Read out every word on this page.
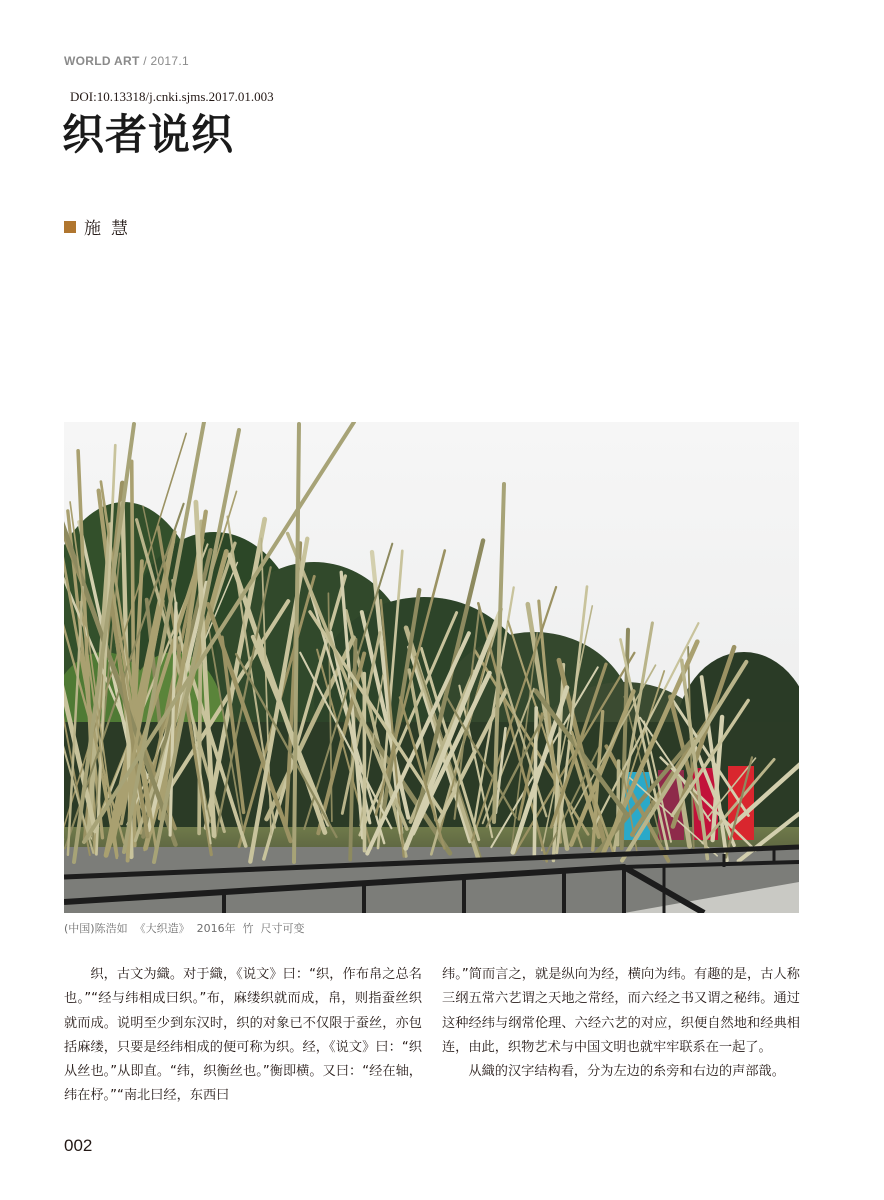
WORLD ART / 2017.1
DOI:10.13318/j.cnki.sjms.2017.01.003
织者说织
施慧
(中国)陈浩如  《大织造》  2016年  竹  尺寸可变

织，古文为織。对于織，《说文》曰：“织，作布帛之总名也。”“经与纬相成曰织。”布，麻缕织就而成，帛，则指蚕丝织就而成。说明至少到东汉时，织的对象已不仅限于蚕丝，亦包括麻缕，只要是经纬相成的便可称为织。经，《说文》曰：“织从丝也。”从即直。“纬，织衡丝也。”衡即横。又曰：“经在轴，纬在杼。”“南北曰经，东西曰

纬。”简而言之，就是纵向为经，横向为纬。有趣的是，古人称三纲五常六艺谓之天地之常经，而六经之书又谓之秘纬。通过这种经纬与纲常伦理、六经六艺的对应，织便自然地和经典相连，由此，织物艺术与中国文明也就牢牢联系在一起了。

从織的汉字结构看，分为左边的糸旁和右边的声部戠。

002
